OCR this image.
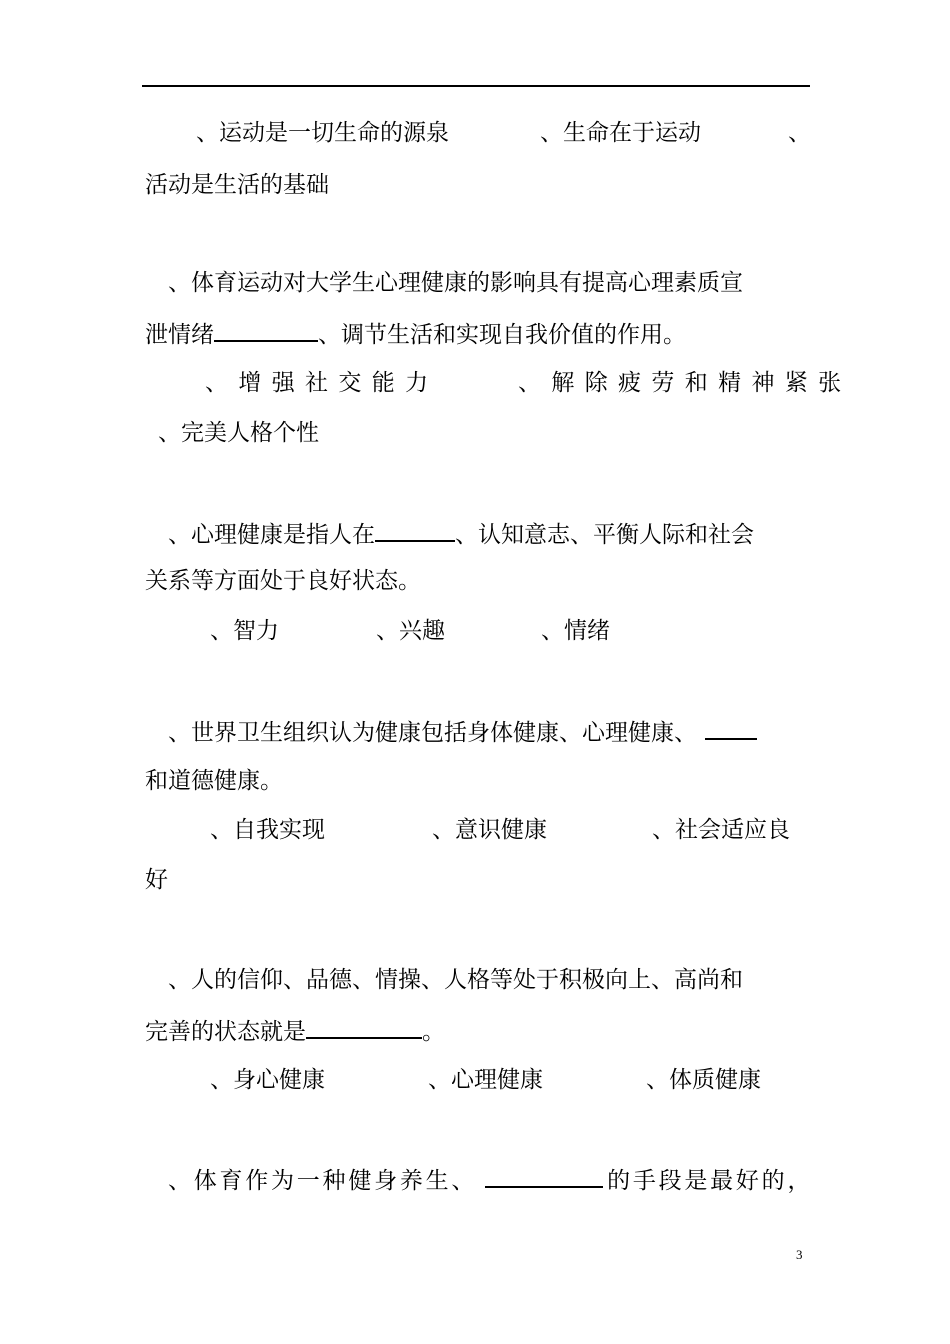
、运动是一切生命的源泉	、生命在于运动	、
活动是生活的基础
、体育运动对大学生心理健康的影响具有提高心理素质宣
泄情绪	、调节生活和实现自我价值的作用。
、增强社交能力	、解除疲劳和精神紧张
、完美人格个性
、心理健康是指人在	、认知意志、平衡人际和社会
关系等方面处于良好状态。
、智力	、兴趣	、情绪
、世界卫生组织认为健康包括身体健康、心理健康、
和道德健康。
、自我实现	、意识健康	、社会适应良
好
、人的信仰、品德、情操、人格等处于积极向上、高尚和
完善的状态就是	。
、身心健康	、心理健康	、体质健康
、体育作为一种健身养生、	的手段是最好的，
3
